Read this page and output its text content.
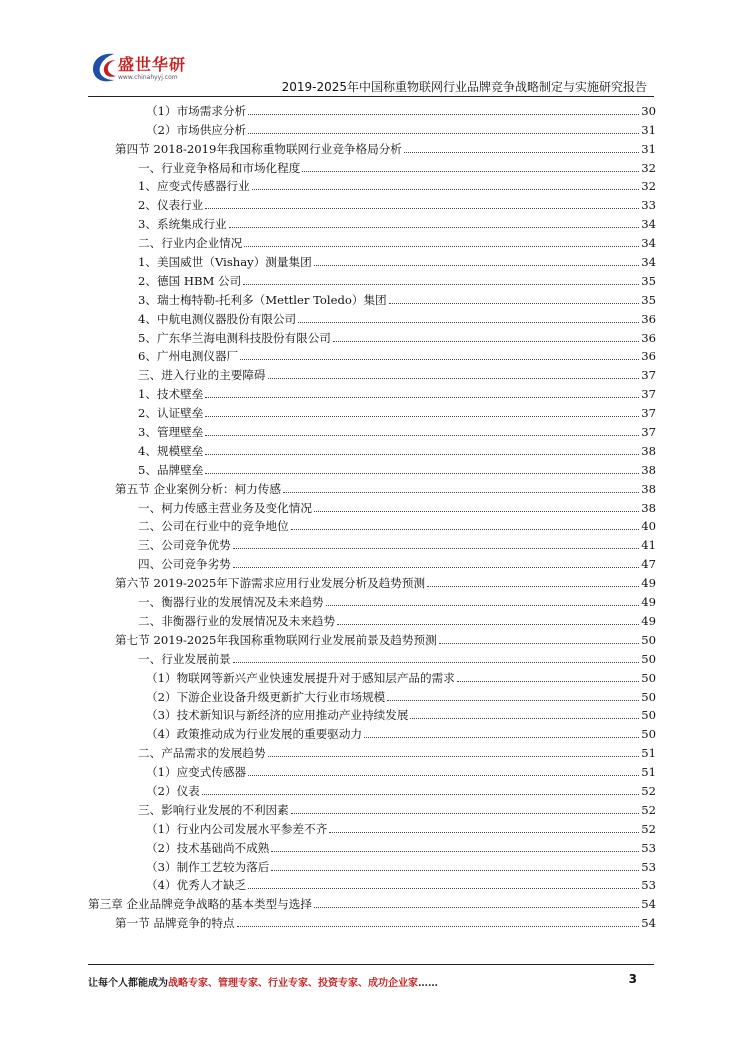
盛世华研
www.chinahyyj.com
2019-2025年中国称重物联网行业品牌竞争战略制定与实施研究报告
（1）市场需求分析	30
（2）市场供应分析	31
第四节 2018-2019年我国称重物联网行业竞争格局分析	31
一、行业竞争格局和市场化程度	32
1、应变式传感器行业	32
2、仪表行业	33
3、系统集成行业	34
二、行业内企业情况	34
1、美国威世（Vishay）测量集团	34
2、德国 HBM 公司	35
3、瑞士梅特勒-托利多（Mettler Toledo）集团	35
4、中航电测仪器股份有限公司	36
5、广东华兰海电测科技股份有限公司	36
6、广州电测仪器厂	36
三、进入行业的主要障碍	37
1、技术壁垒	37
2、认证壁垒	37
3、管理壁垒	37
4、规模壁垒	38
5、品牌壁垒	38
第五节 企业案例分析：柯力传感	38
一、柯力传感主营业务及变化情况	38
二、公司在行业中的竞争地位	40
三、公司竞争优势	41
四、公司竞争劣势	47
第六节 2019-2025年下游需求应用行业发展分析及趋势预测	49
一、衡器行业的发展情况及未来趋势	49
二、非衡器行业的发展情况及未来趋势	49
第七节 2019-2025年我国称重物联网行业发展前景及趋势预测	50
一、行业发展前景	50
（1）物联网等新兴产业快速发展提升对于感知层产品的需求	50
（2）下游企业设备升级更新扩大行业市场规模	50
（3）技术新知识与新经济的应用推动产业持续发展	50
（4）政策推动成为行业发展的重要驱动力	50
二、产品需求的发展趋势	51
（1）应变式传感器	51
（2）仪表	52
三、影响行业发展的不利因素	52
（1）行业内公司发展水平参差不齐	52
（2）技术基础尚不成熟	53
（3）制作工艺较为落后	53
（4）优秀人才缺乏	53
第三章 企业品牌竞争战略的基本类型与选择	54
第一节 品牌竞争的特点	54
让每个人都能成为战略专家、管理专家、行业专家、投资专家、成功企业家……	3
